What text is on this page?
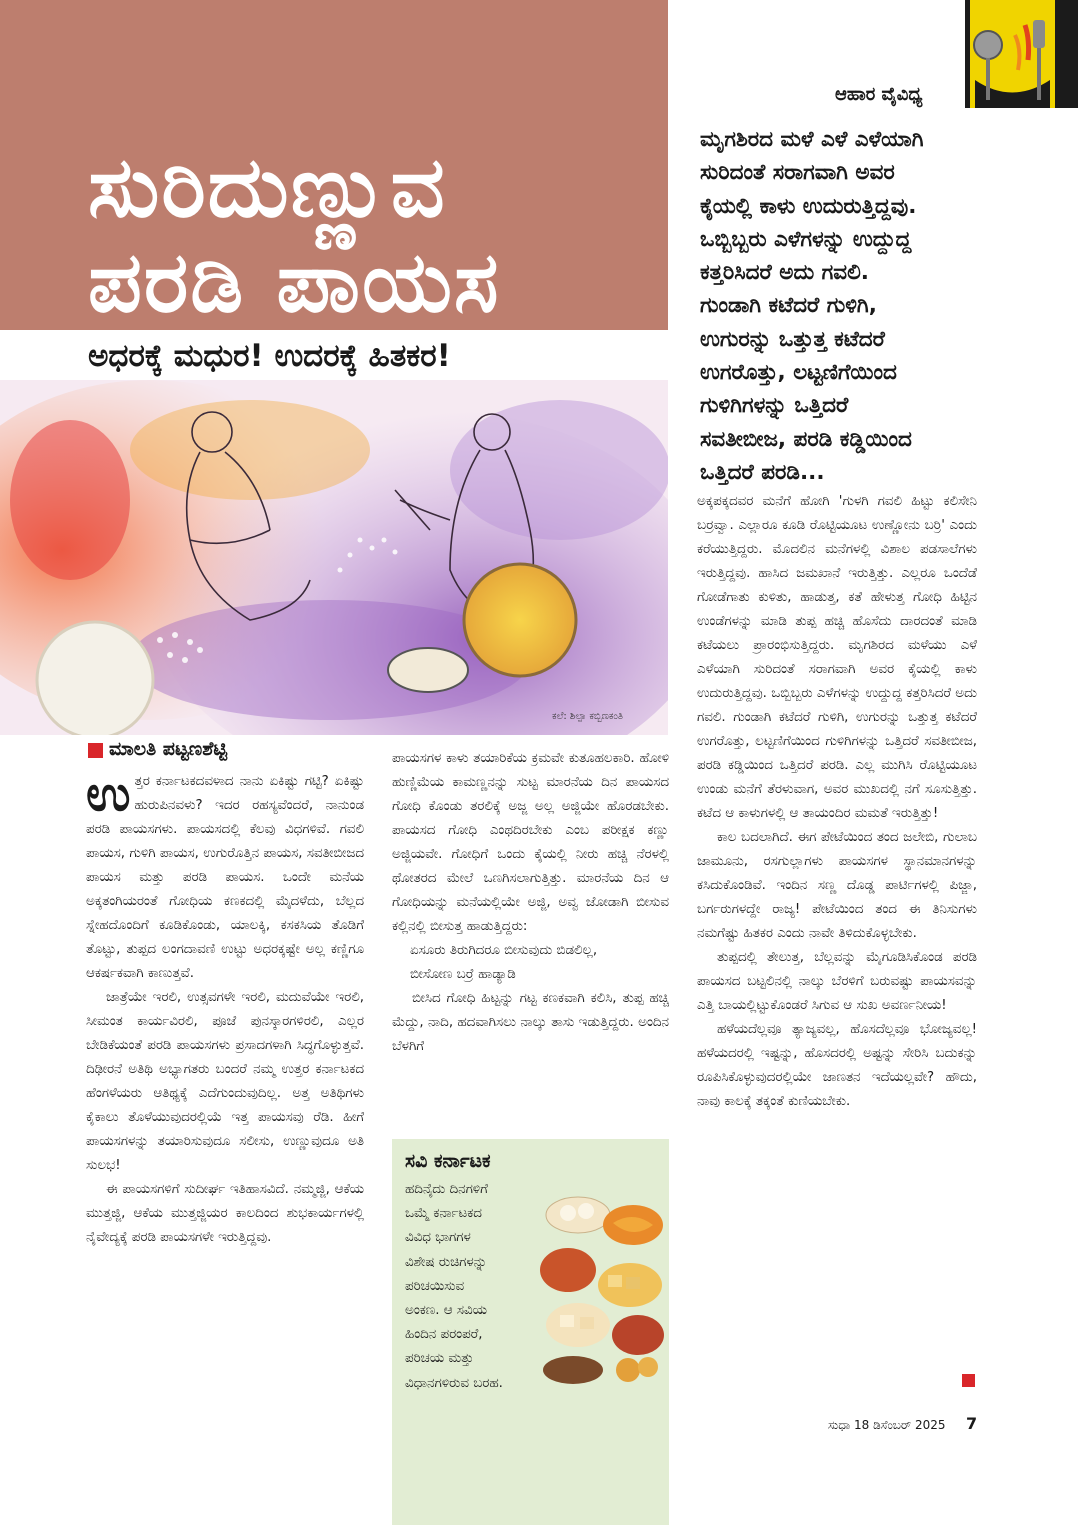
ಸುರಿದುಣ್ಣುವ
ಪರಡಿ ಪಾಯಸ
ಅಧರಕ್ಕೆ ಮಧುರ! ಉದರಕ್ಕೆ ಹಿತಕರ!
ಕಲೆ: ಶಿಲ್ಪಾ ಕಬ್ಬಿಣಕಂತಿ
ಆಹಾರ ವೈವಿಧ್ಯ

ಮೃಗಶಿರದ ಮಳೆ ಎಳೆ ಎಳೆಯಾಗಿ

ಸುರಿದಂತೆ ಸರಾಗವಾಗಿ ಅವರ

ಕೈಯಲ್ಲಿ ಕಾಳು ಉದುರುತ್ತಿದ್ದವು.

ಒಬ್ಬಿಬ್ಬರು ಎಳೆಗಳನ್ನು ಉದ್ದುದ್ದ

ಕತ್ತರಿಸಿದರೆ ಅದು ಗವಲಿ.

ಗುಂಡಾಗಿ ಕಟೆದರೆ ಗುಳಿಗಿ,

ಉಗುರನ್ನು ಒತ್ತುತ್ತ ಕಟೆದರೆ

ಉಗರೊತ್ತು, ಲಟ್ಟಣಿಗೆಯಿಂದ

ಗುಳಿಗಿಗಳನ್ನು ಒತ್ತಿದರೆ

ಸವತೀಬೀಜ, ಪರಡಿ ಕಡ್ಡಿಯಿಂದ

ಒತ್ತಿದರೆ ಪರಡಿ...

ಮಾಲತಿ ಪಟ್ಟಣಶೆಟ್ಟಿ

ಉತ್ತರ ಕರ್ನಾಟಕದವಳಾದ ನಾನು ಏಕಿಷ್ಟು ಗಟ್ಟಿ? ಏಕಿಷ್ಟು ಹುರುಪಿನವಳು? ಇದರ ರಹಸ್ಯವೆಂದರೆ, ನಾನುಂಡ ಪರಡಿ ಪಾಯಸಗಳು. ಪಾಯಸದಲ್ಲಿ ಕೆಲವು ವಿಧಗಳಿವೆ. ಗವಲಿ ಪಾಯಸ, ಗುಳಿಗಿ ಪಾಯಸ, ಉಗುರೊತ್ತಿನ ಪಾಯಸ, ಸವತೀಬೀಜದ ಪಾಯಸ ಮತ್ತು ಪರಡಿ ಪಾಯಸ. ಒಂದೇ ಮನೆಯ ಅಕ್ಕತಂಗಿಯರಂತೆ ಗೋಧಿಯ ಕಣಕದಲ್ಲಿ ಮೈದಳೆದು, ಬೆಲ್ಲದ ಸ್ನೇಹದೊಂದಿಗೆ ಕೂಡಿಕೊಂಡು, ಯಾಲಕ್ಕಿ, ಕಸಕಸಿಯ ತೊಡಿಗೆ ತೊಟ್ಟು, ತುಪ್ಪದ ಲಂಗದಾವಣಿ ಉಟ್ಟು ಅಧರಕ್ಕಷ್ಟೇ ಅಲ್ಲ ಕಣ್ಣಿಗೂ ಆಕರ್ಷಕವಾಗಿ ಕಾಣುತ್ತವೆ.

ಜಾತ್ರೆಯೇ ಇರಲಿ, ಉತ್ಸವಗಳೇ ಇರಲಿ, ಮದುವೆಯೇ ಇರಲಿ, ಸೀಮಂತ ಕಾರ್ಯವಿರಲಿ, ಪೂಜೆ ಪುನಸ್ಕಾರಗಳಿರಲಿ, ಎಲ್ಲರ ಬೇಡಿಕೆಯಂತೆ ಪರಡಿ ಪಾಯಸಗಳು ಪ್ರಸಾದಗಳಾಗಿ ಸಿದ್ಧಗೊಳ್ಳುತ್ತವೆ. ದಿಢೀರನೆ ಅತಿಥಿ ಅಭ್ಯಾಗತರು ಬಂದರೆ ನಮ್ಮ ಉತ್ತರ ಕರ್ನಾಟಕದ ಹೆಂಗಳೆಯರು ಆತಿಥ್ಯಕ್ಕೆ ಎದೆಗುಂದುವುದಿಲ್ಲ. ಅತ್ತ ಅತಿಥಿಗಳು ಕೈಕಾಲು ತೊಳೆಯುವುದರಲ್ಲಿಯೆ ಇತ್ತ ಪಾಯಸವು ರೆಡಿ. ಹೀಗೆ ಪಾಯಸಗಳನ್ನು ತಯಾರಿಸುವುದೂ ಸಲೀಸು, ಉಣ್ಣುವುದೂ ಅತಿ ಸುಲಭ!

ಈ ಪಾಯಸಗಳಿಗೆ ಸುದೀರ್ಘ ಇತಿಹಾಸವಿದೆ. ನಮ್ಮಜ್ಜಿ, ಆಕೆಯ ಮುತ್ತಜ್ಜಿ, ಆಕೆಯ ಮುತ್ತಜ್ಜಿಯರ ಕಾಲದಿಂದ ಶುಭಕಾರ್ಯಗಳಲ್ಲಿ ನೈವೇದ್ಯಕ್ಕೆ ಪರಡಿ ಪಾಯಸಗಳೇ ಇರುತ್ತಿದ್ದವು.

ಪಾಯಸಗಳ ಕಾಳು ತಯಾರಿಕೆಯ ಕ್ರಮವೇ ಕುತೂಹಲಕಾರಿ. ಹೋಳಿ ಹುಣ್ಣಿಮೆಯ ಕಾಮಣ್ಣನನ್ನು ಸುಟ್ಟ ಮಾರನೆಯ ದಿನ ಪಾಯಸದ ಗೋಧಿ ಕೊಂಡು ತರಲಿಕ್ಕೆ ಅಜ್ಜ ಅಲ್ಲ ಅಜ್ಜಿಯೇ ಹೊರಡಬೇಕು. ಪಾಯಸದ ಗೋಧಿ ಎಂಥದಿರಬೇಕು ಎಂಬ ಪರೀಕ್ಷಕ ಕಣ್ಣು ಅಜ್ಜಿಯವೇ. ಗೋಧಿಗೆ ಒಂದು ಕೈಯಲ್ಲಿ ನೀರು ಹಚ್ಚಿ ನೆರಳಲ್ಲಿ ಥೋತರದ ಮೇಲೆ ಒಣಗಿಸಲಾಗುತ್ತಿತ್ತು. ಮಾರನೆಯ ದಿನ ಆ ಗೋಧಿಯನ್ನು ಮನೆಯಲ್ಲಿಯೇ ಅಜ್ಜಿ, ಅವ್ವ ಜೋಡಾಗಿ ಬೀಸುವ ಕಲ್ಲಿನಲ್ಲಿ ಬೀಸುತ್ತ ಹಾಡುತ್ತಿದ್ದರು:

ಏಸೂರು ತಿರುಗಿದರೂ ಬೀಸುವುದು ಬಿಡಲಿಲ್ಲ,

ಬೀಸೋಣ ಬರ್ರೆ ಹಾಡ್ಯಾಡಿ

ಬೀಸಿದ ಗೋಧಿ ಹಿಟ್ಟನ್ನು ಗಟ್ಟ ಕಣಕವಾಗಿ ಕಲಿಸಿ, ತುಪ್ಪ ಹಚ್ಚಿ ಮೆದ್ದು, ನಾದಿ, ಹದವಾಗಿಸಲು ನಾಲ್ಕು ತಾಸು ಇಡುತ್ತಿದ್ದರು. ಅಂದಿನ ಬೆಳಗಿಗೆ

ಸವಿ ಕರ್ನಾಟಕ

ಹದಿನೈದು ದಿನಗಳಿಗೆ

ಒಮ್ಮೆ ಕರ್ನಾಟಕದ

ವಿವಿಧ ಭಾಗಗಳ

ವಿಶೇಷ ರುಚಿಗಳನ್ನು

ಪರಿಚಯಿಸುವ

ಅಂಕಣ. ಆ ಸವಿಯ

ಹಿಂದಿನ ಪರಂಪರೆ,

ಪರಿಚಯ ಮತ್ತು

ವಿಧಾನಗಳಿರುವ ಬರಹ.

ಅಕ್ಕಪಕ್ಕದವರ ಮನೆಗೆ ಹೋಗಿ 'ಗುಳಗಿ ಗವಲಿ ಹಿಟ್ಟು ಕಲಿಸೇನಿ ಬರ್ರವ್ವಾ. ಎಲ್ಲಾರೂ ಕೂಡಿ ರೊಟ್ಟಿಯೂಟ ಉಣ್ಣೋನು ಬರ್ರಿ' ಎಂದು ಕರೆಯುತ್ತಿದ್ದರು. ಮೊದಲಿನ ಮನೆಗಳಲ್ಲಿ ವಿಶಾಲ ಪಡಸಾಲೆಗಳು ಇರುತ್ತಿದ್ದವು. ಹಾಸಿದ ಜಮಖಾನೆ ಇರುತ್ತಿತ್ತು. ಎಲ್ಲರೂ ಒಂದೆಡೆ ಗೋಡೆಗಾತು ಕುಳಿತು, ಹಾಡುತ್ತ, ಕತೆ ಹೇಳುತ್ತ ಗೋಧಿ ಹಿಟ್ಟಿನ ಉಂಡೆಗಳನ್ನು ಮಾಡಿ ತುಪ್ಪ ಹಚ್ಚಿ ಹೊಸೆದು ದಾರದಂತೆ ಮಾಡಿ ಕಟೆಯಲು ಪ್ರಾರಂಭಿಸುತ್ತಿದ್ದರು. ಮೃಗಶಿರದ ಮಳೆಯು ಎಳೆ ಎಳೆಯಾಗಿ ಸುರಿದಂತೆ ಸರಾಗವಾಗಿ ಅವರ ಕೈಯಲ್ಲಿ ಕಾಳು ಉದುರುತ್ತಿದ್ದವು. ಒಬ್ಬಿಬ್ಬರು ಎಳೆಗಳನ್ನು ಉದ್ದುದ್ದ ಕತ್ತರಿಸಿದರೆ ಅದು ಗವಲಿ. ಗುಂಡಾಗಿ ಕಟೆದರೆ ಗುಳಿಗಿ, ಉಗುರನ್ನು ಒತ್ತುತ್ತ ಕಟೆದರೆ ಉಗರೊತ್ತು, ಲಟ್ಟಣಿಗೆಯಿಂದ ಗುಳಿಗಿಗಳನ್ನು ಒತ್ತಿದರೆ ಸವತೀಬೀಜ, ಪರಡಿ ಕಡ್ಡಿಯಿಂದ ಒತ್ತಿದರೆ ಪರಡಿ. ಎಲ್ಲ ಮುಗಿಸಿ ರೊಟ್ಟಿಯೂಟ ಉಂಡು ಮನೆಗೆ ತೆರಳುವಾಗ, ಅವರ ಮುಖದಲ್ಲಿ ನಗೆ ಸೂಸುತ್ತಿತ್ತು. ಕಟೆದ ಆ ಕಾಳುಗಳಲ್ಲಿ ಆ ತಾಯಂದಿರ ಮಮತೆ ಇರುತ್ತಿತ್ತು!

ಕಾಲ ಬದಲಾಗಿದೆ. ಈಗ ಪೇಟೆಯಿಂದ ತಂದ ಜಲೇಬಿ, ಗುಲಾಬ ಜಾಮೂನು, ರಸಗುಲ್ಲಾಗಳು ಪಾಯಸಗಳ ಸ್ಥಾನಮಾನಗಳನ್ನು ಕಸಿದುಕೊಂಡಿವೆ. ಇಂದಿನ ಸಣ್ಣ ದೊಡ್ಡ ಪಾರ್ಟಿಗಳಲ್ಲಿ ಪಿಜ್ಜಾ, ಬರ್ಗರುಗಳದ್ದೇ ರಾಜ್ಯ! ಪೇಟೆಯಿಂದ ತಂದ ಈ ತಿನಿಸುಗಳು ನಮಗೆಷ್ಟು ಹಿತಕರ ಎಂದು ನಾವೇ ತಿಳಿದುಕೊಳ್ಳಬೇಕು.

ತುಪ್ಪದಲ್ಲಿ ತೇಲುತ್ತ, ಬೆಲ್ಲವನ್ನು ಮೈಗೂಡಿಸಿಕೊಂಡ ಪರಡಿ ಪಾಯಸದ ಬಟ್ಟಲಿನಲ್ಲಿ ನಾಲ್ಕು ಬೆರಳಿಗೆ ಬರುವಷ್ಟು ಪಾಯಸವನ್ನು ಎತ್ತಿ ಬಾಯಲ್ಲಿಟ್ಟುಕೊಂಡರೆ ಸಿಗುವ ಆ ಸುಖ ಅವರ್ಣನೀಯ!

ಹಳೆಯದೆಲ್ಲವೂ ತ್ಯಾಜ್ಯವಲ್ಲ, ಹೊಸದೆಲ್ಲವೂ ಭೋಜ್ಯವಲ್ಲ! ಹಳೆಯದರಲ್ಲಿ ಇಷ್ಟನ್ನು, ಹೊಸದರಲ್ಲಿ ಅಷ್ಟನ್ನು ಸೇರಿಸಿ ಬದುಕನ್ನು ರೂಪಿಸಿಕೊಳ್ಳುವುದರಲ್ಲಿಯೇ ಜಾಣತನ ಇದೆಯಲ್ಲವೇ? ಹೌದು, ನಾವು ಕಾಲಕ್ಕೆ ತಕ್ಕಂತೆ ಕುಣಿಯಬೇಕು.

ಸುಧಾ 18 ಡಿಸೆಂಬರ್ 2025 7
